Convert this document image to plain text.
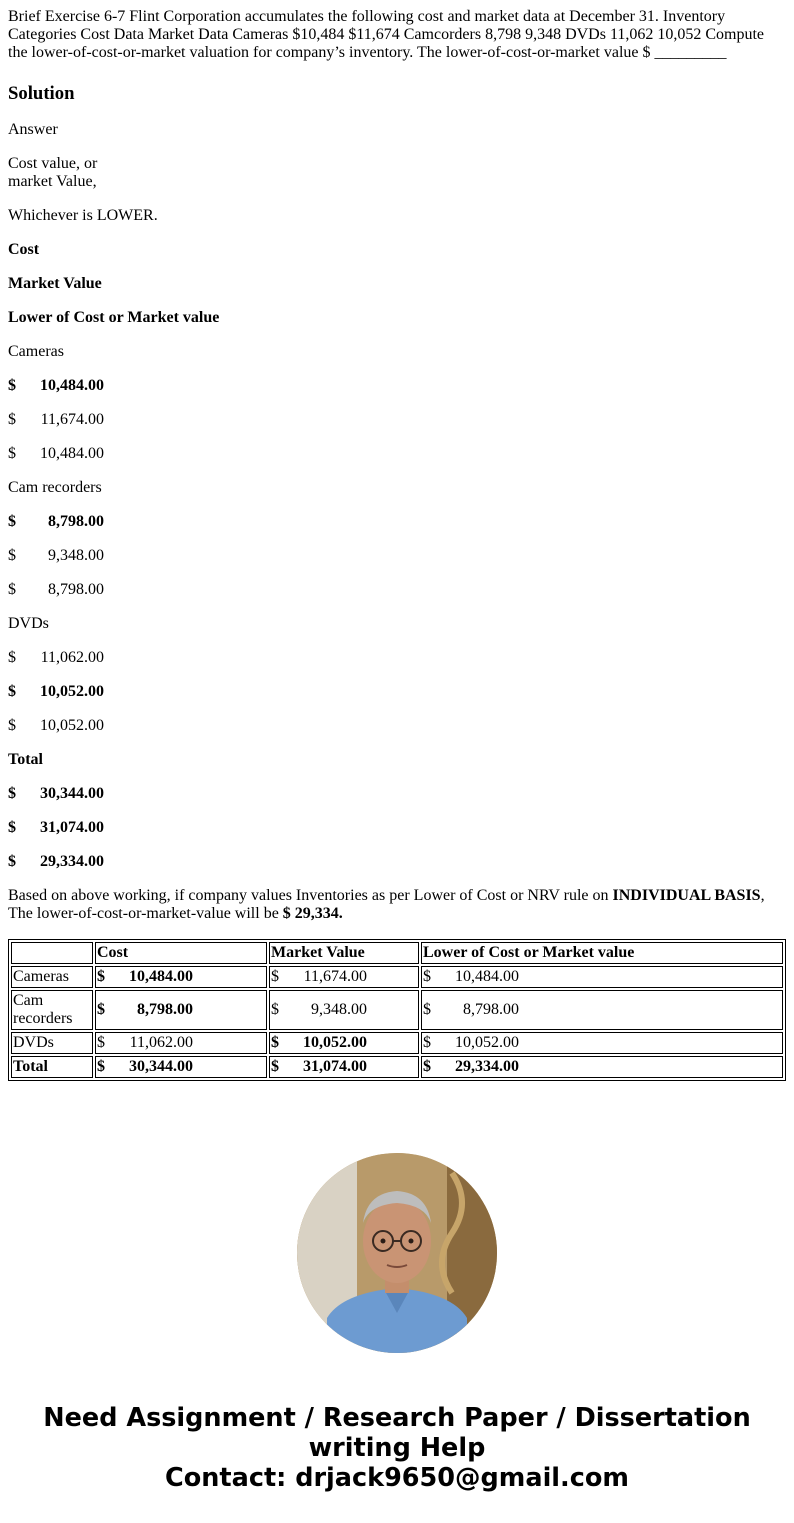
Brief Exercise 6-7 Flint Corporation accumulates the following cost and market data at December 31. Inventory Categories Cost Data Market Data Cameras $10,484 $11,674 Camcorders 8,798 9,348 DVDs 11,062 10,052 Compute the lower-of-cost-or-market valuation for company’s inventory. The lower-of-cost-or-market value $ _________

Solution

Answer

Cost value, or
market Value,

Whichever is LOWER.

Cost

Market Value

Lower of Cost or Market value

Cameras

$ 10,484.00

$ 11,674.00

$ 10,484.00

Cam recorders

$ 8,798.00

$ 9,348.00

$ 8,798.00

DVDs

$ 11,062.00

$ 10,052.00

$ 10,052.00

Total

$ 30,344.00

$ 31,074.00

$ 29,334.00

Based on above working, if company values Inventories as per Lower of Cost or NRV rule on INDIVIDUAL BASIS, The lower-of-cost-or-market-value will be $ 29,334.

	Cost	Market Value	Lower of Cost or Market value
Cameras	$ 10,484.00	$ 11,674.00	$ 10,484.00
Cam recorders	$ 8,798.00	$ 9,348.00	$ 8,798.00
DVDs	$ 11,062.00	$ 10,052.00	$ 10,052.00
Total	$ 30,344.00	$ 31,074.00	$ 29,334.00
Need Assignment / Research Paper / Dissertation writing Help
Contact: drjack9650@gmail.com
